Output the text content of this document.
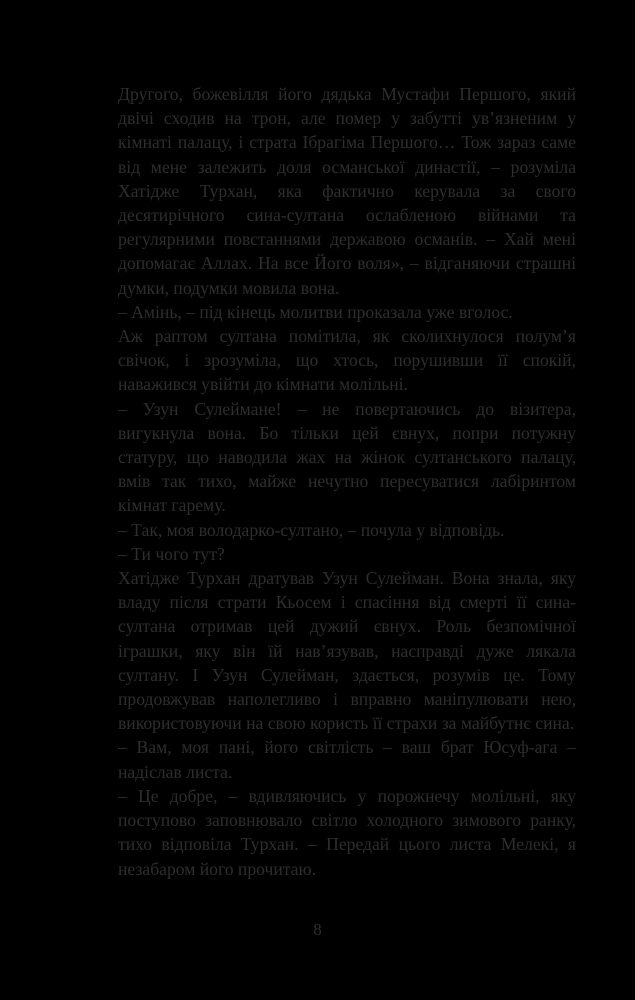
Другого, божевілля його дядька Мустафи Першого, який двічі сходив на трон, але помер у забутті ув’язненим у кімнаті палацу, і страта Ібрагіма Першого… Тож зараз саме від мене залежить доля османської династії, – розуміла Хатідже Турхан, яка фактично керувала за свого десятирічного сина-султана ослабленою війнами та регулярними повстаннями державою османів. – Хай мені допомагає Аллах. На все Його воля», – відганяючи страшні думки, подумки мовила вона.

– Амінь, – під кінець молитви проказала уже вголос.

Аж раптом султана помітила, як сколихнулося полум’я свічок, і зрозуміла, що хтось, порушивши її спокій, наважився увійти до кімнати молільні.

– Узун Сулеймане! – не повертаючись до візитера, вигукнула вона. Бо тільки цей євнух, попри потужну статуру, що наводила жах на жінок султанського палацу, вмів так тихо, майже нечутно пересуватися лабіринтом кімнат гарему.

– Так, моя володарко-султано, – почула у відповідь.

– Ти чого тут?

Хатідже Турхан дратував Узун Сулейман. Вона знала, яку владу після страти Кьосем і спасіння від смерті її сина-султана отримав цей дужий євнух. Роль безпомічної іграшки, яку він їй нав’язував, насправді дуже лякала султану. І Узун Сулейман, здається, розумів це. Тому продовжував наполегливо і вправно маніпулювати нею, використовуючи на свою користь її страхи за майбутнє сина.

– Вам, моя пані, його світлість – ваш брат Юсуф-ага – надіслав листа.

– Це добре, – вдивляючись у порожнечу молільні, яку поступово заповнювало світло холодного зимового ранку, тихо відповіла Турхан. – Передай цього листа Мелекі, я незабаром його прочитаю.

8
